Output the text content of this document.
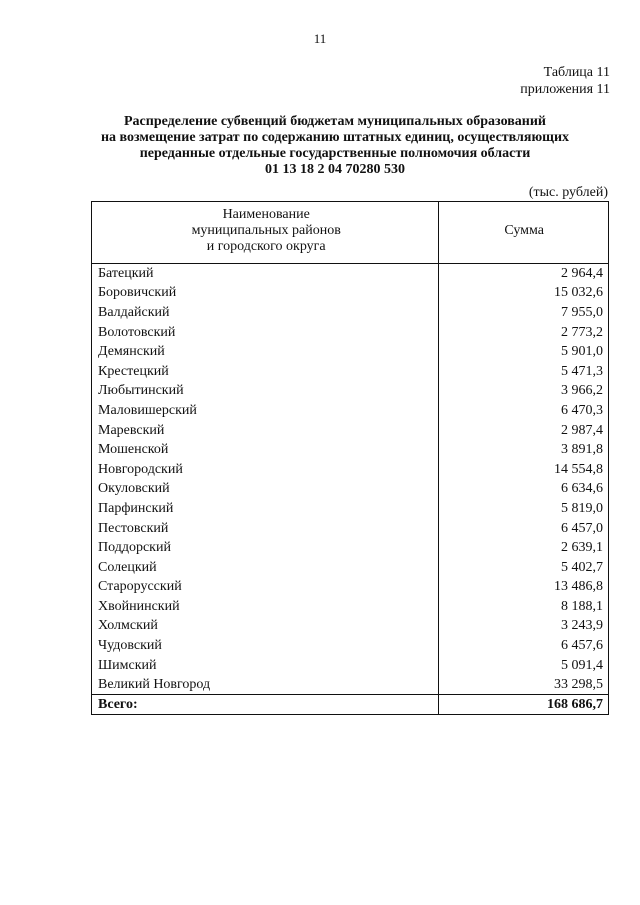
11
Таблица 11
приложения 11
Распределение субвенций бюджетам муниципальных образований
на возмещение затрат по содержанию штатных единиц, осуществляющих
переданные отдельные государственные полномочия области
01 13 18 2 04 70280 530
(тыс. рублей)
Наименование
муниципальных районов
и городского округа	Сумма
Батецкий	2 964,4
Боровичский	15 032,6
Валдайский	7 955,0
Волотовский	2 773,2
Демянский	5 901,0
Крестецкий	5 471,3
Любытинский	3 966,2
Маловишерский	6 470,3
Маревский	2 987,4
Мошенской	3 891,8
Новгородский	14 554,8
Окуловский	6 634,6
Парфинский	5 819,0
Пестовский	6 457,0
Поддорский	2 639,1
Солецкий	5 402,7
Старорусский	13 486,8
Хвойнинский	8 188,1
Холмский	3 243,9
Чудовский	6 457,6
Шимский	5 091,4
Великий Новгород	33 298,5
Всего:	168 686,7
